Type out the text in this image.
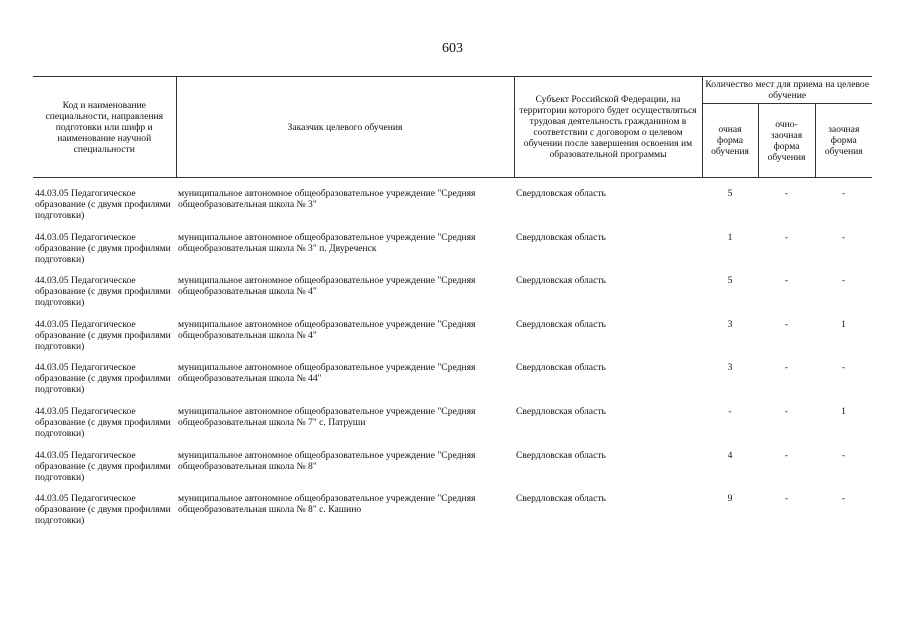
603
Код и наименование специальности, направления подготовки или шифр и наименование научной специальности	Заказчик целевого обучения	Субъект Российской Федерации, на территории которого будет осуществляться трудовая деятельность гражданином в соответствии с договором о целевом обучении после завершения освоения им образовательной программы	Количество мест для приема на целевое обучение		
			очная форма обучения	очно-заочная форма обучения	заочная форма обучения

44.03.05 Педагогическое образование (с двумя профилями подготовки)	муниципальное автономное общеобразовательное учреждение "Средняя общеобразовательная школа № 3"	Свердловская область	5	-	-
44.03.05 Педагогическое образование (с двумя профилями подготовки)	муниципальное автономное общеобразовательное учреждение "Средняя общеобразовательная школа № 3" п. Двуреченск	Свердловская область	1	-	-
44.03.05 Педагогическое образование (с двумя профилями подготовки)	муниципальное автономное общеобразовательное учреждение "Средняя общеобразовательная школа № 4"	Свердловская область	5	-	-
44.03.05 Педагогическое образование (с двумя профилями подготовки)	муниципальное автономное общеобразовательное учреждение "Средняя общеобразовательная школа № 4"	Свердловская область	3	-	1
44.03.05 Педагогическое образование (с двумя профилями подготовки)	муниципальное автономное общеобразовательное учреждение "Средняя общеобразовательная школа № 44"	Свердловская область	3	-	-
44.03.05 Педагогическое образование (с двумя профилями подготовки)	муниципальное автономное общеобразовательное учреждение "Средняя общеобразовательная школа № 7" с. Патруши	Свердловская область	-	-	1
44.03.05 Педагогическое образование (с двумя профилями подготовки)	муниципальное автономное общеобразовательное учреждение "Средняя общеобразовательная школа № 8"	Свердловская область	4	-	-
44.03.05 Педагогическое образование (с двумя профилями подготовки)	муниципальное автономное общеобразовательное учреждение "Средняя общеобразовательная школа № 8" с. Кашино	Свердловская область	9	-	-
